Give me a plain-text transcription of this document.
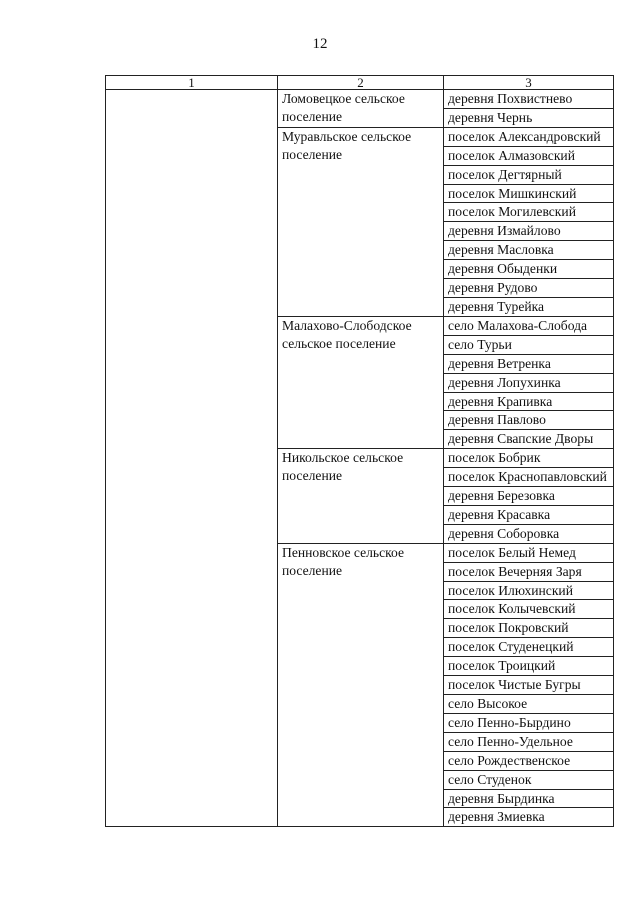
12
1	2	3
	Ломовецкое сельское поселение	деревня Похвистнево
		деревня Чернь
	Муравльское сельское поселение	поселок Александровский
		поселок Алмазовский
		поселок Дегтярный
		поселок Мишкинский
		поселок Могилевский
		деревня Измайлово
		деревня Масловка
		деревня Обыденки
		деревня Рудово
		деревня Турейка
	Малахово-Слободское сельское поселение	село Малахова-Слобода
		село Турьи
		деревня Ветренка
		деревня Лопухинка
		деревня Крапивка
		деревня Павлово
		деревня Свапские Дворы
	Никольское сельское поселение	поселок Бобрик
		поселок Краснопавловский
		деревня Березовка
		деревня Красавка
		деревня Соборовка
	Пенновское сельское поселение	поселок Белый Немед
		поселок Вечерняя Заря
		поселок Илюхинский
		поселок Колычевский
		поселок Покровский
		поселок Студенецкий
		поселок Троицкий
		поселок Чистые Бугры
		село Высокое
		село Пенно-Бырдино
		село Пенно-Удельное
		село Рождественское
		село Студенок
		деревня Бырдинка
		деревня Змиевка
